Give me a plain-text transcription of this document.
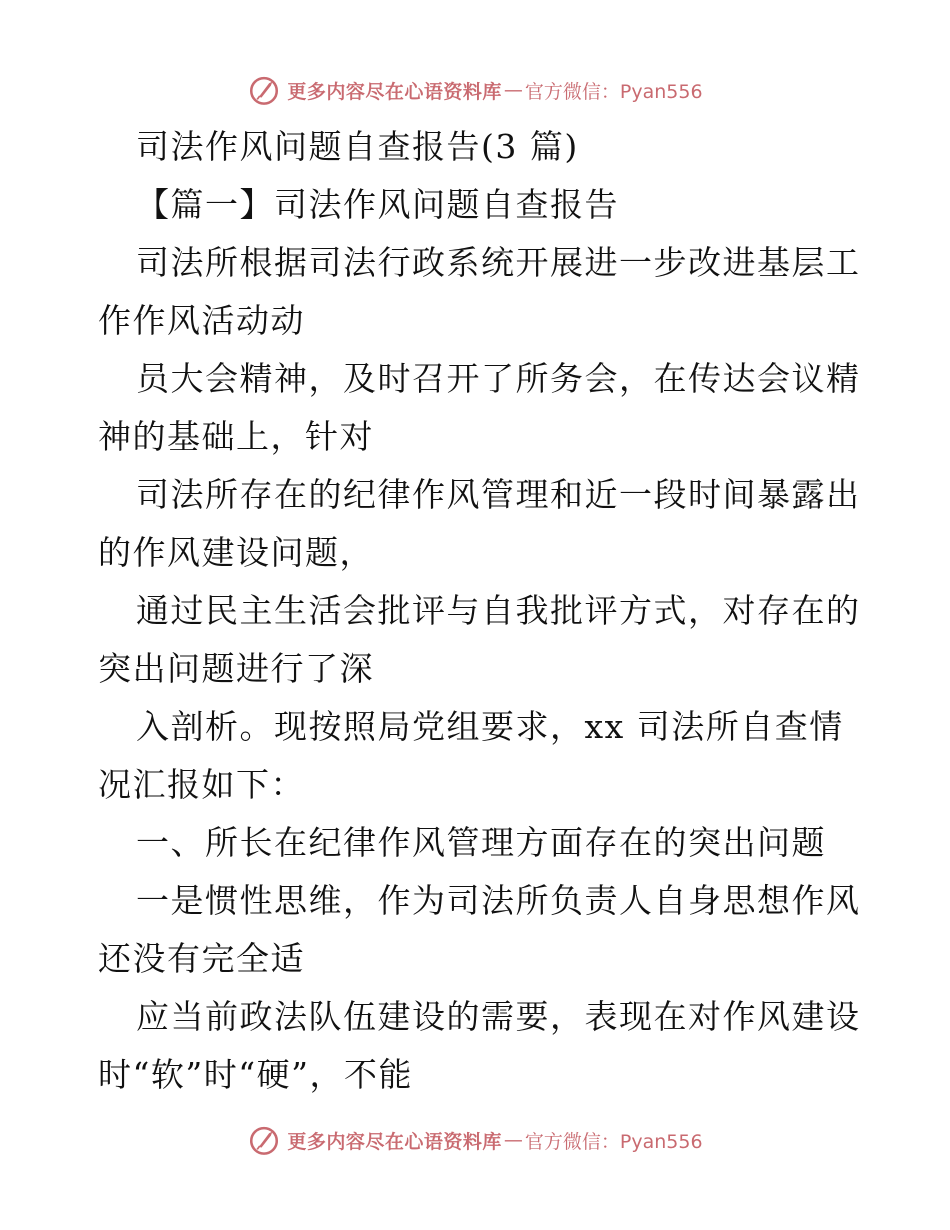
更多内容尽在心语资料库 — 官方微信：Pyan556
司法作风问题自查报告(3 篇)
【篇一】司法作风问题自查报告
司法所根据司法行政系统开展进一步改进基层工
作作风活动动
员大会精神，及时召开了所务会，在传达会议精
神的基础上，针对
司法所存在的纪律作风管理和近一段时间暴露出
的作风建设问题，
通过民主生活会批评与自我批评方式，对存在的
突出问题进行了深
入剖析。现按照局党组要求，xx 司法所自查情
况汇报如下：
一、所长在纪律作风管理方面存在的突出问题
一是惯性思维，作为司法所负责人自身思想作风
还没有完全适
应当前政法队伍建设的需要，表现在对作风建设
时“软”时“硬”，不能
更多内容尽在心语资料库 — 官方微信：Pyan556
